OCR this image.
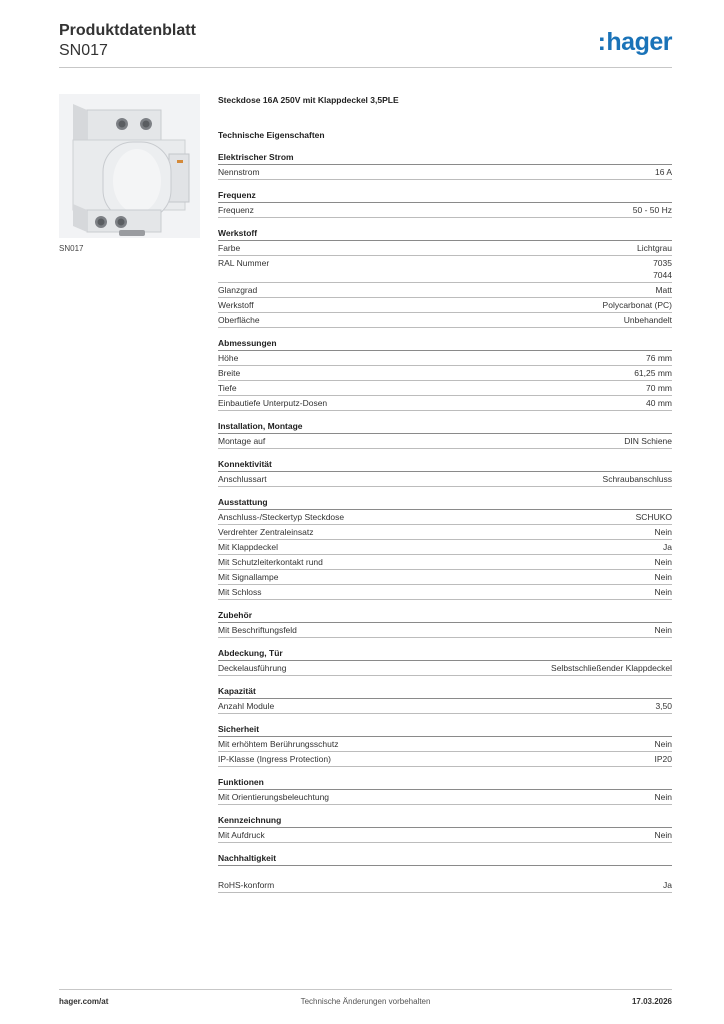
Produktdatenblatt
SN017	:hager
SN017
Steckdose 16A 250V mit Klappdeckel 3,5PLE
Technische Eigenschaften
Elektrischer Strom
Nennstrom	16 A
Frequenz
Frequenz	50 - 50 Hz
Werkstoff
Farbe	Lichtgrau
RAL Nummer	7035
7044
Glanzgrad	Matt
Werkstoff	Polycarbonat (PC)
Oberfläche	Unbehandelt
Abmessungen
Höhe	76 mm
Breite	61,25 mm
Tiefe	70 mm
Einbautiefe Unterputz-Dosen	40 mm
Installation, Montage
Montage auf	DIN Schiene
Konnektivität
Anschlussart	Schraubanschluss
Ausstattung
Anschluss-/Steckertyp Steckdose	SCHUKO
Verdrehter Zentraleinsatz	Nein
Mit Klappdeckel	Ja
Mit Schutzleiterkontakt rund	Nein
Mit Signallampe	Nein
Mit Schloss	Nein
Zubehör
Mit Beschriftungsfeld	Nein
Abdeckung, Tür
Deckelausführung	Selbstschließender Klappdeckel
Kapazität
Anzahl Module	3,50
Sicherheit
Mit erhöhtem Berührungsschutz	Nein
IP-Klasse (Ingress Protection)	IP20
Funktionen
Mit Orientierungsbeleuchtung	Nein
Kennzeichnung
Mit Aufdruck	Nein
Nachhaltigkeit
RoHS-konform	Ja
hager.com/at	Technische Änderungen vorbehalten	17.03.2026
